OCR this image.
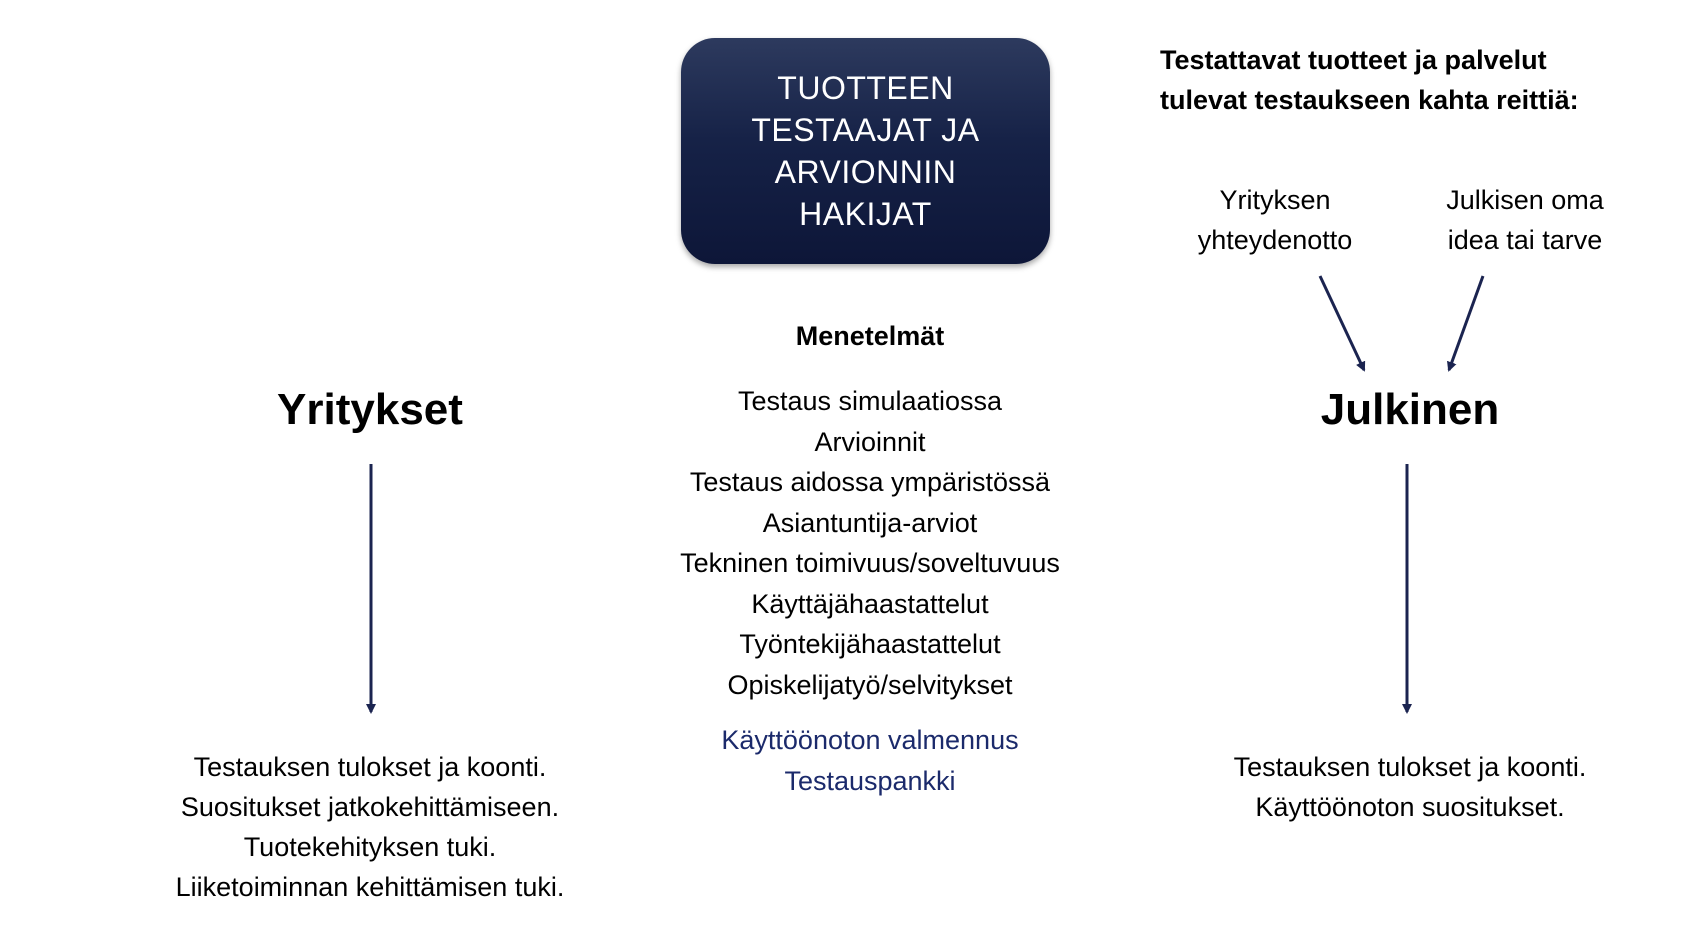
TUOTTEEN
TESTAAJAT JA
ARVIONNIN
HAKIJAT
Testattavat tuotteet ja palvelut
tulevat testaukseen kahta reittiä:
Yrityksen
yhteydenotto
Julkisen oma
idea tai tarve
Menetelmät
Testaus simulaatiossa
Arvioinnit
Testaus aidossa ympäristössä
Asiantuntija-arviot
Tekninen toimivuus/soveltuvuus
Käyttäjähaastattelut
Työntekijähaastattelut
Opiskelijatyö/selvitykset
Käyttöönoton valmennus
Testauspankki
Yritykset	Julkinen
Testauksen tulokset ja koonti.
Suositukset jatkokehittämiseen.
Tuotekehityksen tuki.
Liiketoiminnan kehittämisen tuki.
Testauksen tulokset ja koonti.
Käyttöönoton suositukset.
